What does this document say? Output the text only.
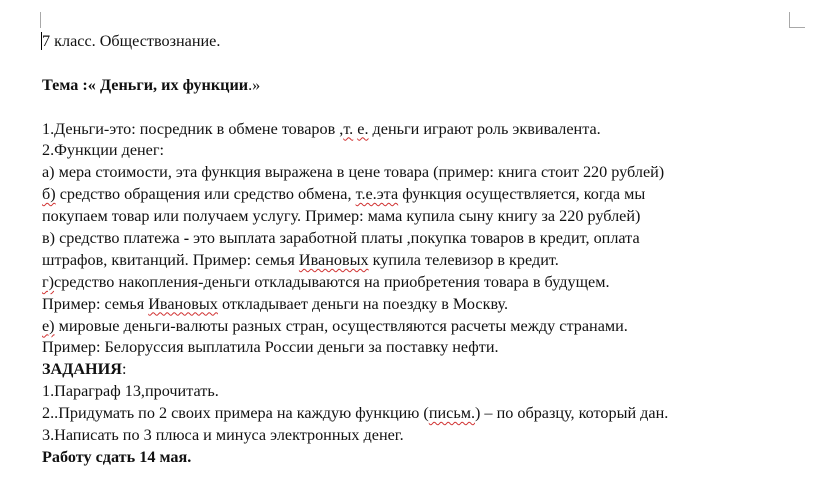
7 класс. Обществознание.
Тема :« Деньги, их функции.»
1.Деньги-это: посредник в обмене товаров ,т. е. деньги играют роль эквивалента.
2.Функции денег:
а) мера стоимости, эта функция выражена в цене товара (пример: книга стоит 220 рублей)
б) средство обращения или средство обмена, т.е.эта функция осуществляется, когда мы
покупаем товар или получаем услугу. Пример: мама купила сыну книгу за 220 рублей)
в) средство платежа - это выплата заработной платы ,покупка товаров в кредит, оплата
штрафов, квитанций. Пример: семья Ивановых купила телевизор в кредит.
г)средство накопления-деньги откладываются на приобретения товара в будущем.
Пример: семья Ивановых откладывает деньги на поездку в Москву.
е) мировые деньги-валюты разных стран, осуществляются расчеты между странами.
Пример: Белоруссия выплатила России деньги за поставку нефти.
ЗАДАНИЯ:
1.Параграф 13,прочитать.
2..Придумать по 2 своих примера на каждую функцию (письм.) – по образцу, который дан.
3.Написать по 3 плюса и минуса электронных денег.
Работу сдать 14 мая.
